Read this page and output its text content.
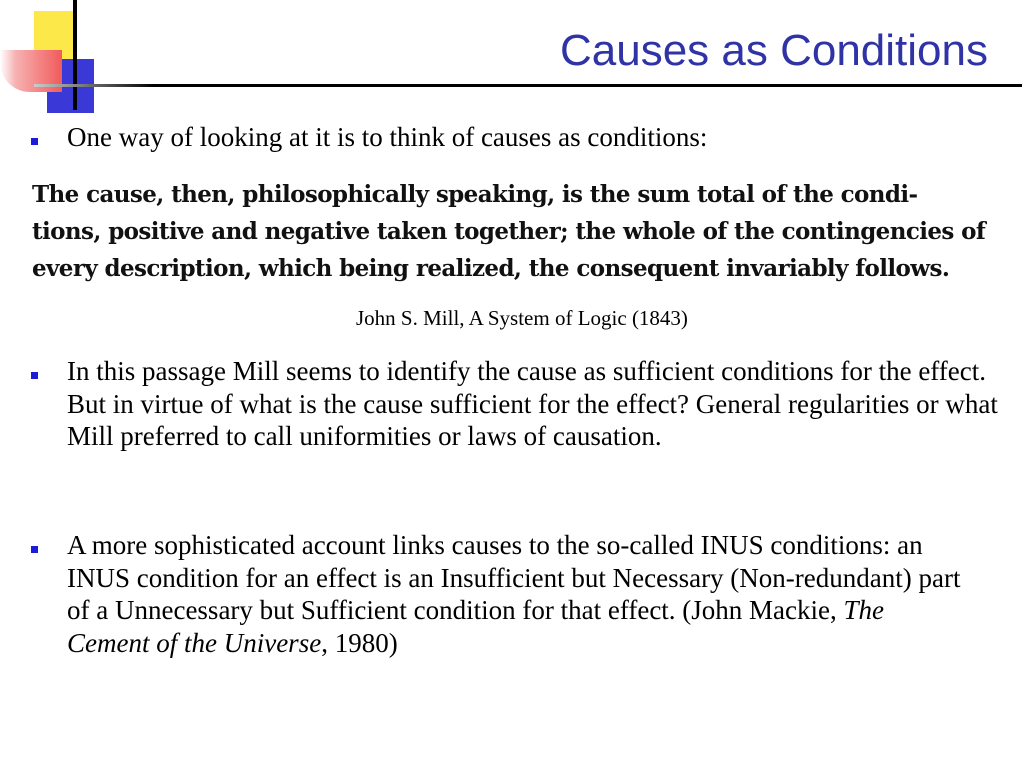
Causes as Conditions
One way of looking at it is to think of causes as conditions:
The cause, then, philosophically speaking, is the sum total of the condi-
tions, positive and negative taken together; the whole of the contingencies of
every description, which being realized, the consequent invariably follows.
John S. Mill, A System of Logic (1843)
In this passage Mill seems to identify the cause as sufficient conditions for the effect. But in virtue of what is the cause sufficient for the effect? General regularities or what Mill preferred to call uniformities or laws of causation.
A more sophisticated account links causes to the so-called INUS conditions: an INUS condition for an effect is an Insufficient but Necessary (Non-redundant) part of a Unnecessary but Sufficient condition for that effect. (John Mackie, The Cement of the Universe, 1980)
